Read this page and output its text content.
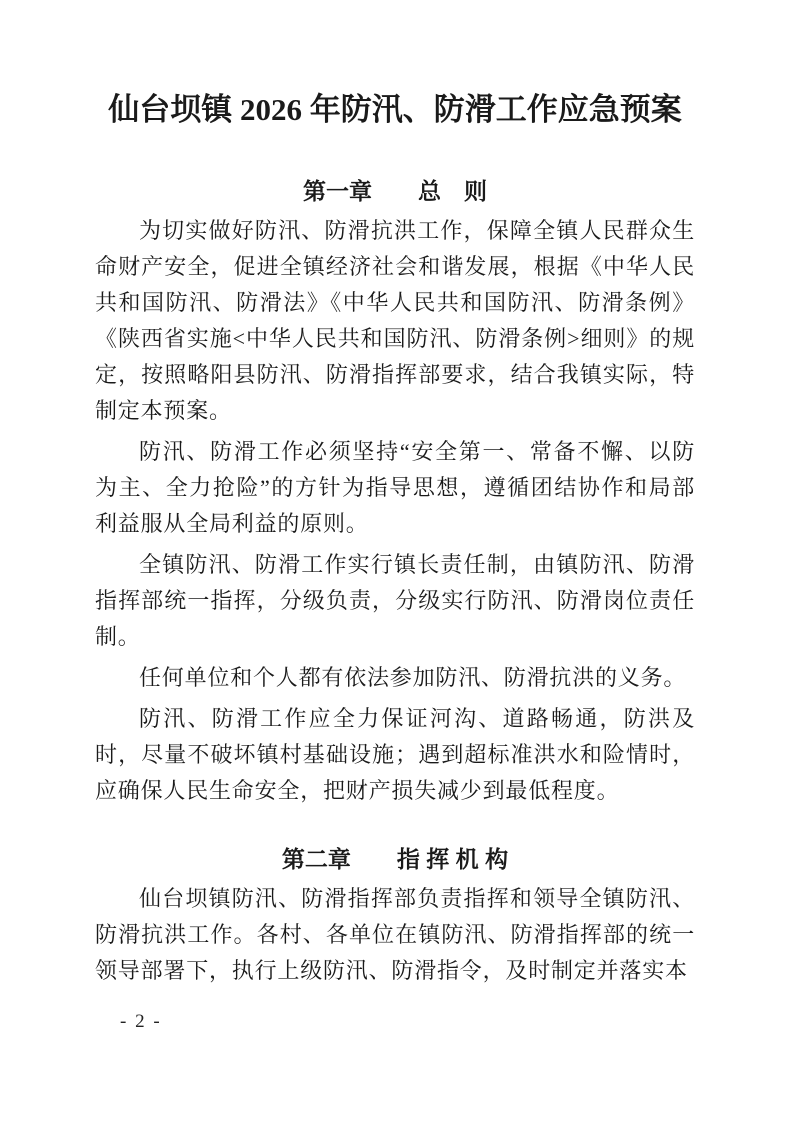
仙台坝镇 2026 年防汛、防滑工作应急预案
第一章　　总　则

为切实做好防汛、防滑抗洪工作，保障全镇人民群众生命财产安全，促进全镇经济社会和谐发展，根据《中华人民共和国防汛、防滑法》《中华人民共和国防汛、防滑条例》《陕西省实施<中华人民共和国防汛、防滑条例>细则》的规定，按照略阳县防汛、防滑指挥部要求，结合我镇实际，特制定本预案。

防汛、防滑工作必须坚持“安全第一、常备不懈、以防为主、全力抢险”的方针为指导思想，遵循团结协作和局部利益服从全局利益的原则。

全镇防汛、防滑工作实行镇长责任制，由镇防汛、防滑指挥部统一指挥，分级负责，分级实行防汛、防滑岗位责任制。

任何单位和个人都有依法参加防汛、防滑抗洪的义务。

防汛、防滑工作应全力保证河沟、道路畅通，防洪及时，尽量不破坏镇村基础设施；遇到超标准洪水和险情时，应确保人民生命安全，把财产损失减少到最低程度。

第二章　　指 挥 机 构

仙台坝镇防汛、防滑指挥部负责指挥和领导全镇防汛、防滑抗洪工作。各村、各单位在镇防汛、防滑指挥部的统一领导部署下，执行上级防汛、防滑指令，及时制定并落实本

- 2 -
